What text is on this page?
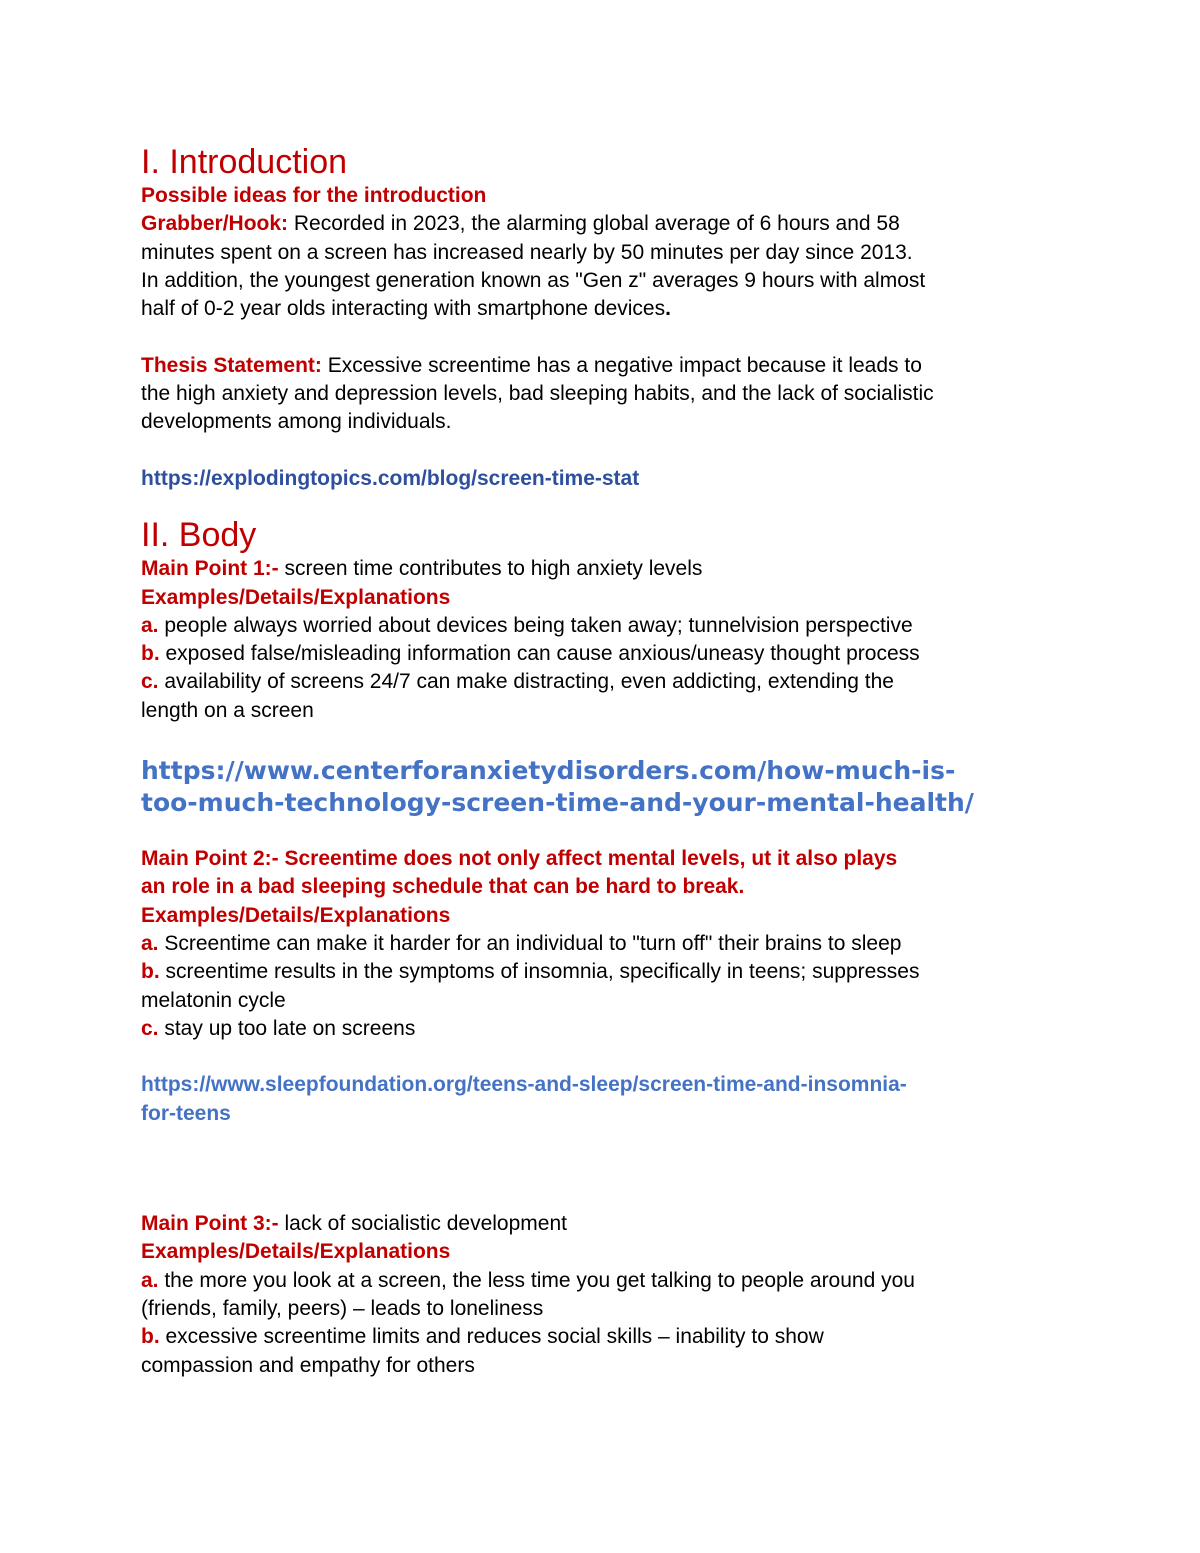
I. Introduction
Possible ideas for the introduction
Grabber/Hook: Recorded in 2023, the alarming global average of 6 hours and 58
minutes spent on a screen has increased nearly by 50 minutes per day since 2013.
In addition, the youngest generation known as "Gen z" averages 9 hours with almost
half of 0-2 year olds interacting with smartphone devices.
Thesis Statement: Excessive screentime has a negative impact because it leads to
the high anxiety and depression levels, bad sleeping habits, and the lack of socialistic
developments among individuals.
https://explodingtopics.com/blog/screen-time-stat
II. Body
Main Point 1:- screen time contributes to high anxiety levels
Examples/Details/Explanations
a. people always worried about devices being taken away; tunnelvision perspective
b. exposed false/misleading information can cause anxious/uneasy thought process
c. availability of screens 24/7 can make distracting, even addicting, extending the
length on a screen
https://www.centerforanxietydisorders.com/how-much-is-
too-much-technology-screen-time-and-your-mental-health/
Main Point 2:- Screentime does not only affect mental levels, ut it also plays
an role in a bad sleeping schedule that can be hard to break.
Examples/Details/Explanations
a. Screentime can make it harder for an individual to "turn off" their brains to sleep
b. screentime results in the symptoms of insomnia, specifically in teens; suppresses
melatonin cycle
c. stay up too late on screens
https://www.sleepfoundation.org/teens-and-sleep/screen-time-and-insomnia-
for-teens
Main Point 3:- lack of socialistic development
Examples/Details/Explanations
a. the more you look at a screen, the less time you get talking to people around you
(friends, family, peers) – leads to loneliness
b. excessive screentime limits and reduces social skills – inability to show
compassion and empathy for others
